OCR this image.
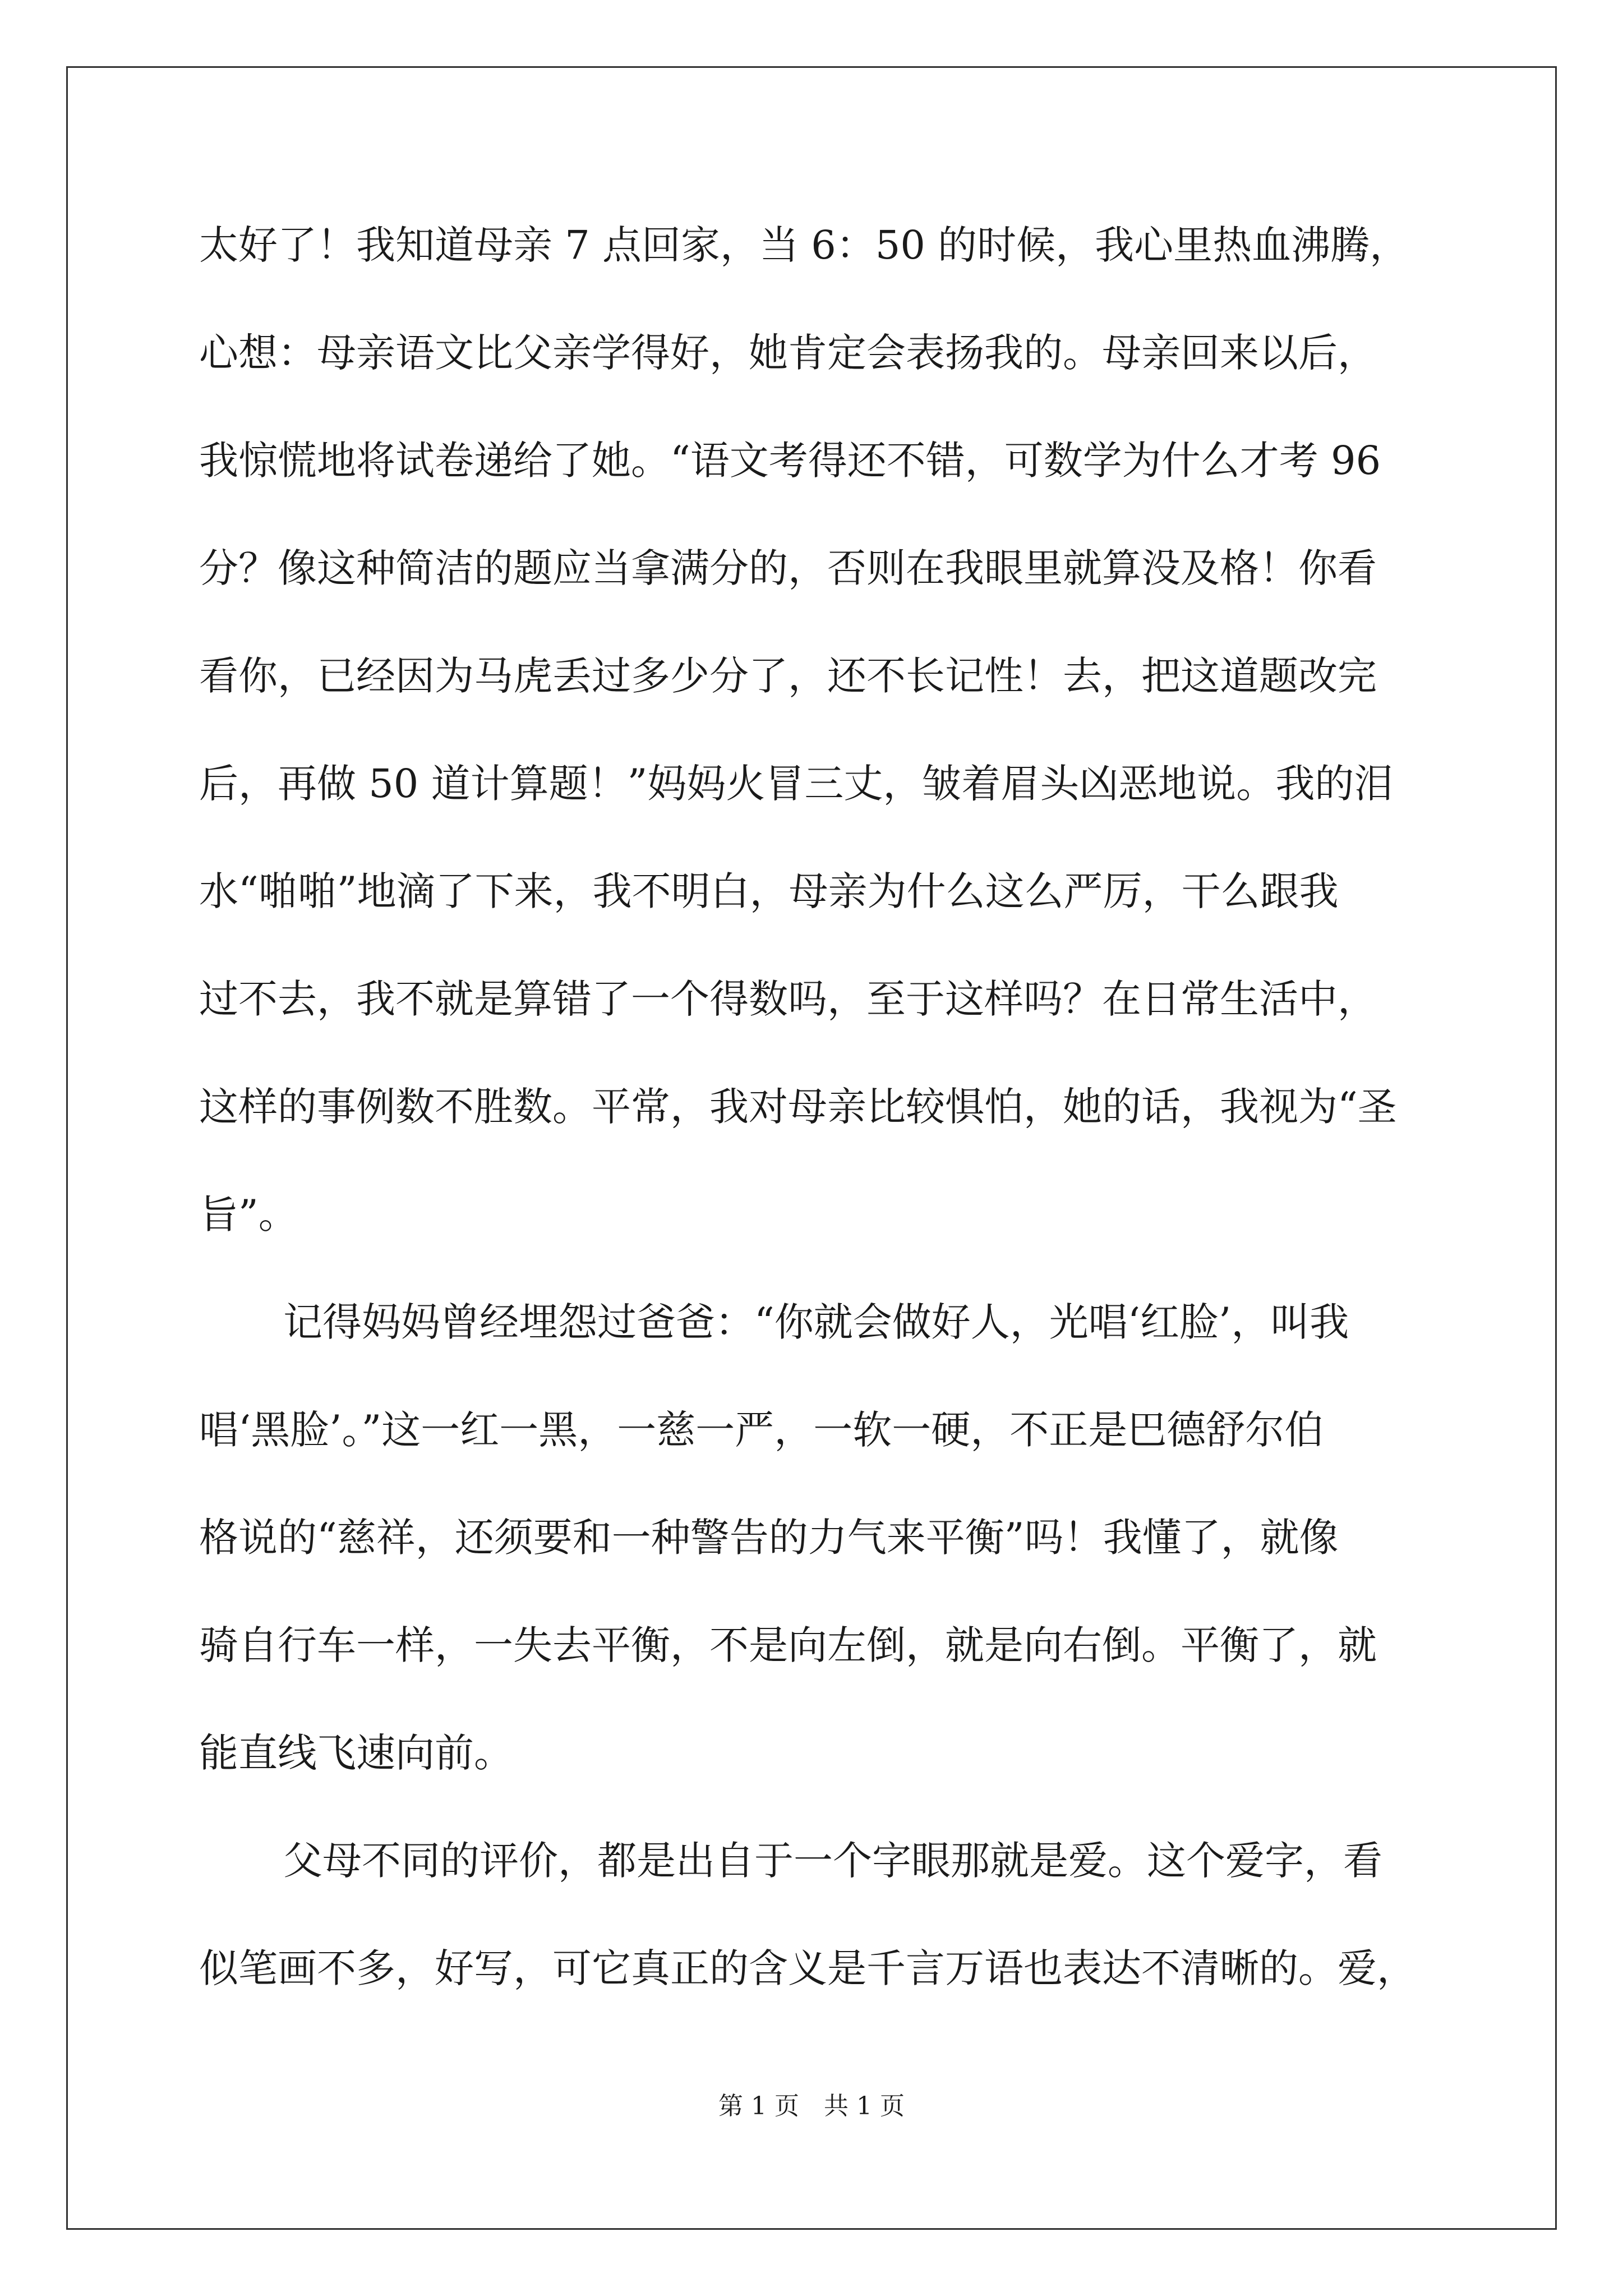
太好了！我知道母亲 7 点回家，当 6：50 的时候，我心里热血沸腾，
心想：母亲语文比父亲学得好，她肯定会表扬我的。母亲回来以后，
我惊慌地将试卷递给了她。“语文考得还不错，可数学为什么才考 96
分？像这种简洁的题应当拿满分的，否则在我眼里就算没及格！你看
看你，已经因为马虎丢过多少分了，还不长记性！去，把这道题改完
后，再做 50 道计算题！”妈妈火冒三丈，皱着眉头凶恶地说。我的泪
水“啪啪”地滴了下来，我不明白，母亲为什么这么严厉，干么跟我
过不去，我不就是算错了一个得数吗，至于这样吗？在日常生活中，
这样的事例数不胜数。平常，我对母亲比较惧怕，她的话，我视为“圣
旨”。
记得妈妈曾经埋怨过爸爸：“你就会做好人，光唱‘红脸’，叫我
唱‘黑脸’。”这一红一黑，一慈一严，一软一硬，不正是巴德舒尔伯
格说的“慈祥，还须要和一种警告的力气来平衡”吗！我懂了，就像
骑自行车一样，一失去平衡，不是向左倒，就是向右倒。平衡了，就
能直线飞速向前。
父母不同的评价，都是出自于一个字眼那就是爱。这个爱字，看
似笔画不多，好写，可它真正的含义是千言万语也表达不清晰的。爱，
第 1 页　共 1 页
